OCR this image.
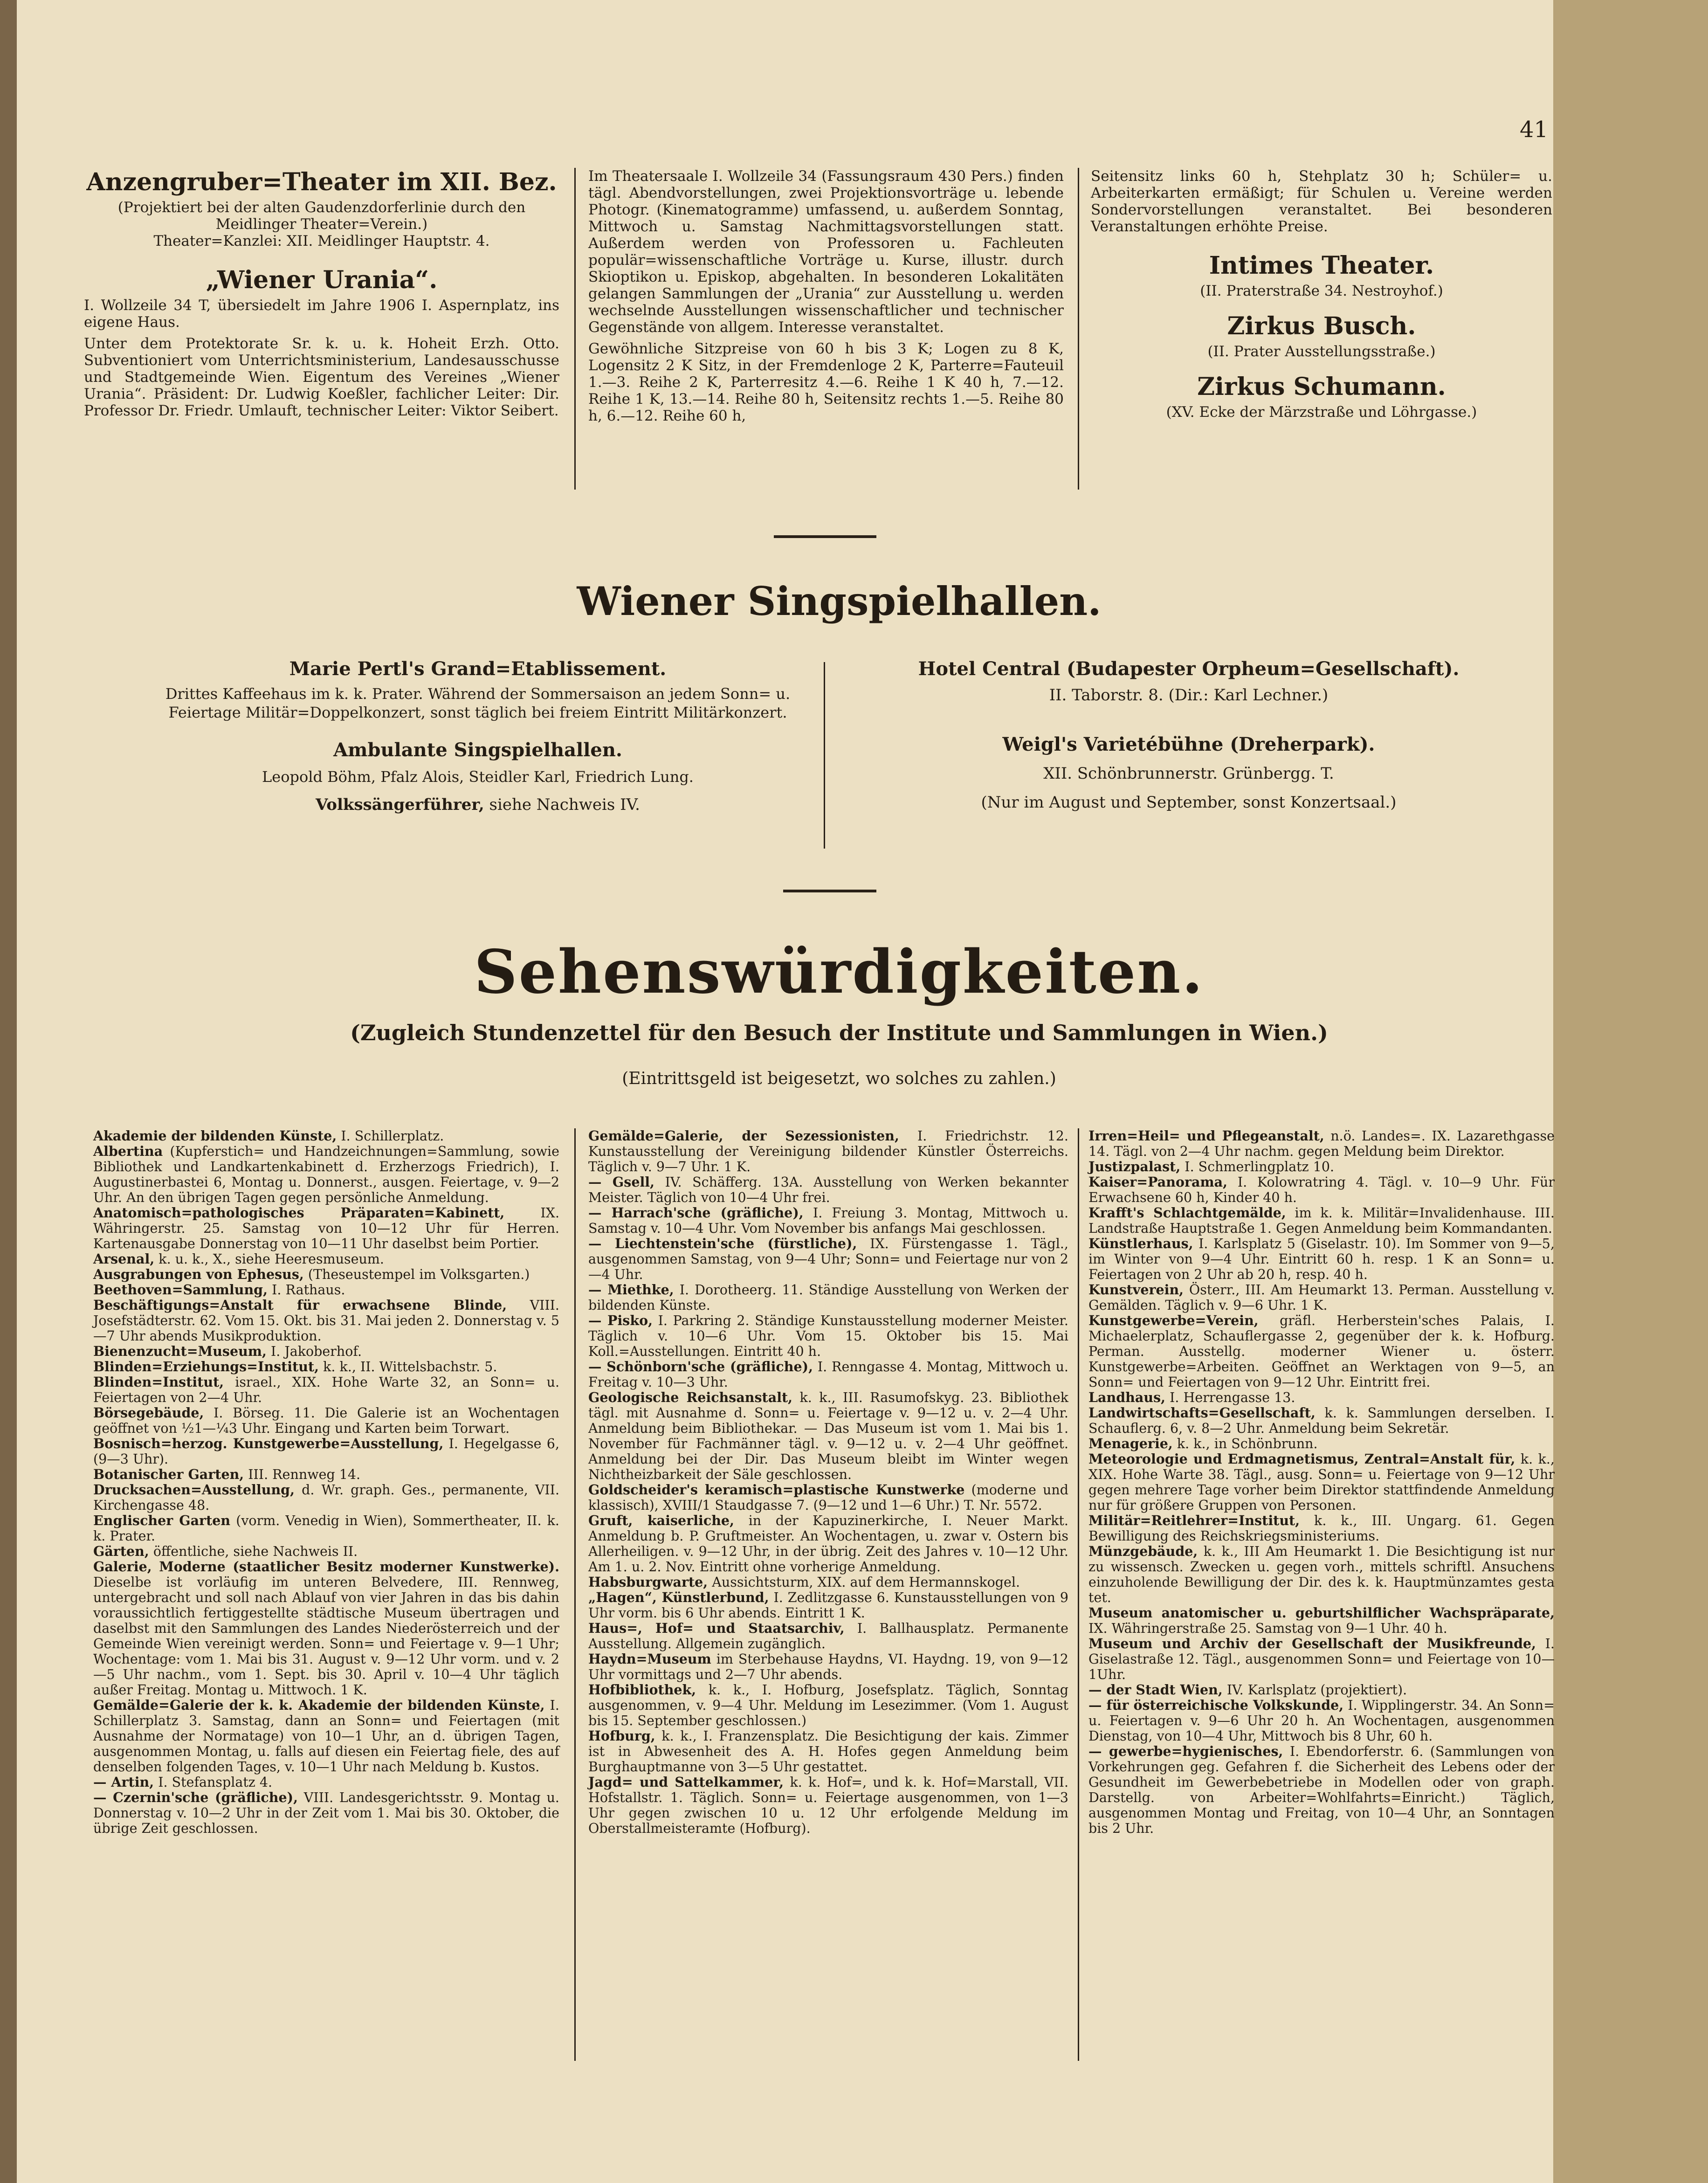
41
Anzengruber=Theater im XII. Bez.
(Projektiert bei der alten Gaudenzdorferlinie durch den
Meidlinger Theater=Verein.)
Theater=Kanzlei: XII. Meidlinger Hauptstr. 4.
„Wiener Urania“.
I. Wollzeile 34 T, übersiedelt im Jahre 1906 I. Aspernplatz, ins eigene Haus.
Unter dem Protektorate Sr. k. u. k. Hoheit Erzh. Otto. Subventioniert vom Unterrichtsministerium, Landesausschusse und Stadtgemeinde Wien. Eigentum des Vereines „Wiener Urania“. Präsident: Dr. Ludwig Koeßler, fachlicher Leiter: Dir. Professor Dr. Friedr. Umlauft, technischer Leiter: Viktor Seibert.
Im Theatersaale I. Wollzeile 34 (Fassungsraum 430 Pers.) finden tägl. Abendvorstellungen, zwei Projektionsvorträge u. lebende Photogr. (Kinematogramme) umfassend, u. außerdem Sonntag, Mittwoch u. Samstag Nachmittagsvorstellungen statt. Außerdem werden von Professoren u. Fachleuten populär=wissenschaftliche Vorträge u. Kurse, illustr. durch Skioptikon u. Episkop, abgehalten. In besonderen Lokalitäten gelangen Sammlungen der „Urania“ zur Ausstellung u. werden wechselnde Ausstellungen wissenschaftlicher und technischer Gegenstände von allgem. Interesse veranstaltet.
Gewöhnliche Sitzpreise von 60 h bis 3 K; Logen zu 8 K, Logensitz 2 K Sitz, in der Fremdenloge 2 K, Parterre=Fauteuil 1.—3. Reihe 2 K, Parterresitz 4.—6. Reihe 1 K 40 h, 7.—12. Reihe 1 K, 13.—14. Reihe 80 h, Seitensitz rechts 1.—5. Reihe 80 h, 6.—12. Reihe 60 h,
Seitensitz links 60 h, Stehplatz 30 h; Schüler= u. Arbeiterkarten ermäßigt; für Schulen u. Vereine werden Sondervorstellungen veranstaltet. Bei besonderen Veranstaltungen erhöhte Preise.
Intimes Theater.
(II. Praterstraße 34. Nestroyhof.)
Zirkus Busch.
(II. Prater Ausstellungsstraße.)
Zirkus Schumann.
(XV. Ecke der Märzstraße und Löhrgasse.)
Wiener Singspielhallen.
Marie Pertl's Grand=Etablissement.
Drittes Kaffeehaus im k. k. Prater. Während der Sommersaison an jedem Sonn= u. Feiertage Militär=Doppelkonzert, sonst täglich bei freiem Eintritt Militärkonzert.
Ambulante Singspielhallen.
Leopold Böhm, Pfalz Alois, Steidler Karl, Friedrich Lung.
Volkssängerführer, siehe Nachweis IV.
Hotel Central (Budapester Orpheum=Gesellschaft).
II. Taborstr. 8. (Dir.: Karl Lechner.)
Weigl's Varietébühne (Dreherpark).
XII. Schönbrunnerstr. Grünbergg. T.
(Nur im August und September, sonst Konzertsaal.)
Sehenswürdigkeiten.
(Zugleich Stundenzettel für den Besuch der Institute und Sammlungen in Wien.)
(Eintrittsgeld ist beigesetzt, wo solches zu zahlen.)

Akademie der bildenden Künste, I. Schillerplatz.

Albertina (Kupferstich= und Handzeichnungen=Sammlung, sowie Bibliothek und Landkartenkabinett d. Erzherzogs Friedrich), I. Augustinerbastei 6, Montag u. Donnerst., ausgen. Feiertage, v. 9—2 Uhr. An den übrigen Tagen gegen persönliche Anmeldung.

Anatomisch=pathologisches Präparaten=Kabinett, IX. Währingerstr. 25. Samstag von 10—12 Uhr für Herren. Kartenausgabe Donnerstag von 10—11 Uhr daselbst beim Portier.

Arsenal, k. u. k., X., siehe Heeresmuseum.

Ausgrabungen von Ephesus, (Theseustempel im Volksgarten.)

Beethoven=Sammlung, I. Rathaus.

Beschäftigungs=Anstalt für erwachsene Blinde, VIII. Josefstädterstr. 62. Vom 15. Okt. bis 31. Mai jeden 2. Donnerstag v. 5—7 Uhr abends Musikproduktion.

Bienenzucht=Museum, I. Jakoberhof.

Blinden=Erziehungs=Institut, k. k., II. Wittelsbachstr. 5.

Blinden=Institut, israel., XIX. Hohe Warte 32, an Sonn= u. Feiertagen von 2—4 Uhr.

Börsegebäude, I. Börseg. 11. Die Galerie ist an Wochentagen geöffnet von ½1—¼3 Uhr. Eingang und Karten beim Torwart.

Bosnisch=herzog. Kunstgewerbe=Ausstellung, I. Hegelgasse 6, (9—3 Uhr).

Botanischer Garten, III. Rennweg 14.

Drucksachen=Ausstellung, d. Wr. graph. Ges., permanente, VII. Kirchengasse 48.

Englischer Garten (vorm. Venedig in Wien), Sommertheater, II. k. k. Prater.

Gärten, öffentliche, siehe Nachweis II.

Galerie, Moderne (staatlicher Besitz moderner Kunstwerke). Dieselbe ist vorläufig im unteren Belvedere, III. Rennweg, untergebracht und soll nach Ablauf von vier Jahren in das bis dahin voraussichtlich fertiggestellte städtische Museum übertragen und daselbst mit den Sammlungen des Landes Niederösterreich und der Gemeinde Wien vereinigt werden. Sonn= und Feiertage v. 9—1 Uhr; Wochentage: vom 1. Mai bis 31. August v. 9—12 Uhr vorm. und v. 2—5 Uhr nachm., vom 1. Sept. bis 30. April v. 10—4 Uhr täglich außer Freitag. Montag u. Mittwoch. 1 K.

Gemälde=Galerie der k. k. Akademie der bildenden Künste, I. Schillerplatz 3. Samstag, dann an Sonn= und Feiertagen (mit Ausnahme der Normatage) von 10—1 Uhr, an d. übrigen Tagen, ausgenommen Montag, u. falls auf diesen ein Feiertag fiele, des auf denselben folgenden Tages, v. 10—1 Uhr nach Meldung b. Kustos.

— Artin, I. Stefansplatz 4.

— Czernin'sche (gräfliche), VIII. Landesgerichtsstr. 9. Montag u. Donnerstag v. 10—2 Uhr in der Zeit vom 1. Mai bis 30. Oktober, die übrige Zeit geschlossen.

Gemälde=Galerie, der Sezessionisten, I. Friedrichstr. 12. Kunstausstellung der Vereinigung bildender Künstler Österreichs. Täglich v. 9—7 Uhr. 1 K.

— Gsell, IV. Schäfferg. 13A. Ausstellung von Werken bekannter Meister. Täglich von 10—4 Uhr frei.

— Harrach'sche (gräfliche), I. Freiung 3. Montag, Mittwoch u. Samstag v. 10—4 Uhr. Vom November bis anfangs Mai geschlossen.

— Liechtenstein'sche (fürstliche), IX. Fürstengasse 1. Tägl., ausgenommen Samstag, von 9—4 Uhr; Sonn= und Feiertage nur von 2—4 Uhr.

— Miethke, I. Dorotheerg. 11. Ständige Ausstellung von Werken der bildenden Künste.

— Pisko, I. Parkring 2. Ständige Kunstausstellung moderner Meister. Täglich v. 10—6 Uhr. Vom 15. Oktober bis 15. Mai Koll.=Ausstellungen. Eintritt 40 h.

— Schönborn'sche (gräfliche), I. Renngasse 4. Montag, Mittwoch u. Freitag v. 10—3 Uhr.

Geologische Reichsanstalt, k. k., III. Rasumofskyg. 23. Bibliothek tägl. mit Ausnahme d. Sonn= u. Feiertage v. 9—12 u. v. 2—4 Uhr. Anmeldung beim Bibliothekar. — Das Museum ist vom 1. Mai bis 1. November für Fachmänner tägl. v. 9—12 u. v. 2—4 Uhr geöffnet. Anmeldung bei der Dir. Das Museum bleibt im Winter wegen Nichtheizbarkeit der Säle geschlossen.

Goldscheider's keramisch=plastische Kunstwerke (moderne und klassisch), XVIII/1 Staudgasse 7. (9—12 und 1—6 Uhr.) T. Nr. 5572.

Gruft, kaiserliche, in der Kapuzinerkirche, I. Neuer Markt. Anmeldung b. P. Gruftmeister. An Wochentagen, u. zwar v. Ostern bis Allerheiligen. v. 9—12 Uhr, in der übrig. Zeit des Jahres v. 10—12 Uhr. Am 1. u. 2. Nov. Eintritt ohne vorherige Anmeldung.

Habsburgwarte, Aussichtsturm, XIX. auf dem Hermannskogel.

„Hagen“, Künstlerbund, I. Zedlitzgasse 6. Kunstausstellungen von 9 Uhr vorm. bis 6 Uhr abends. Eintritt 1 K.

Haus=, Hof= und Staatsarchiv, I. Ballhausplatz. Permanente Ausstellung. Allgemein zugänglich.

Haydn=Museum im Sterbehause Haydns, VI. Haydng. 19, von 9—12 Uhr vormittags und 2—7 Uhr abends.

Hofbibliothek, k. k., I. Hofburg, Josefsplatz. Täglich, Sonntag ausgenommen, v. 9—4 Uhr. Meldung im Lesezimmer. (Vom 1. August bis 15. September geschlossen.)

Hofburg, k. k., I. Franzensplatz. Die Besichtigung der kais. Zimmer ist in Abwesenheit des A. H. Hofes gegen Anmeldung beim Burghauptmanne von 3—5 Uhr gestattet.

Jagd= und Sattelkammer, k. k. Hof=, und k. k. Hof=Marstall, VII. Hofstallstr. 1. Täglich. Sonn= u. Feiertage ausgenommen, von 1—3 Uhr gegen zwischen 10 u. 12 Uhr erfolgende Meldung im Oberstallmeisteramte (Hofburg).

Irren=Heil= und Pflegeanstalt, n.ö. Landes=. IX. Lazarethgasse 14. Tägl. von 2—4 Uhr nachm. gegen Meldung beim Direktor.

Justizpalast, I. Schmerlingplatz 10.

Kaiser=Panorama, I. Kolowratring 4. Tägl. v. 10—9 Uhr. Für Erwachsene 60 h, Kinder 40 h.

Krafft's Schlachtgemälde, im k. k. Militär=Invalidenhause. III. Landstraße Hauptstraße 1. Gegen Anmeldung beim Kommandanten.

Künstlerhaus, I. Karlsplatz 5 (Giselastr. 10). Im Sommer von 9—5, im Winter von 9—4 Uhr. Eintritt 60 h. resp. 1 K an Sonn= u. Feiertagen von 2 Uhr ab 20 h, resp. 40 h.

Kunstverein, Österr., III. Am Heumarkt 13. Perman. Ausstellung v. Gemälden. Täglich v. 9—6 Uhr. 1 K.

Kunstgewerbe=Verein, gräfl. Herberstein'sches Palais, I. Michaelerplatz, Schauflergasse 2, gegenüber der k. k. Hofburg. Perman. Ausstellg. moderner Wiener u. österr. Kunstgewerbe=Arbeiten. Geöffnet an Werktagen von 9—5, an Sonn= und Feiertagen von 9—12 Uhr. Eintritt frei.

Landhaus, I. Herrengasse 13.

Landwirtschafts=Gesellschaft, k. k. Sammlungen derselben. I. Schauflerg. 6, v. 8—2 Uhr. Anmeldung beim Sekretär.

Menagerie, k. k., in Schönbrunn.

Meteorologie und Erdmagnetismus, Zentral=Anstalt für, k. k., XIX. Hohe Warte 38. Tägl., ausg. Sonn= u. Feiertage von 9—12 Uhr gegen mehrere Tage vorher beim Direktor stattfindende Anmeldung nur für größere Gruppen von Personen.

Militär=Reitlehrer=Institut, k. k., III. Ungarg. 61. Gegen Bewilligung des Reichskriegsministeriums.

Münzgebäude, k. k., III Am Heumarkt 1. Die Besichtigung ist nur zu wissensch. Zwecken u. gegen vorh., mittels schriftl. Ansuchens einzuholende Bewilligung der Dir. des k. k. Hauptmünzamtes gesta tet.

Museum anatomischer u. geburtshilflicher Wachspräparate, IX. Währingerstraße 25. Samstag von 9—1 Uhr. 40 h.

Museum und Archiv der Gesellschaft der Musikfreunde, I. Giselastraße 12. Tägl., ausgenommen Sonn= und Feiertage von 10—1Uhr.

— der Stadt Wien, IV. Karlsplatz (projektiert).

— für österreichische Volkskunde, I. Wipplingerstr. 34. An Sonn= u. Feiertagen v. 9—6 Uhr 20 h. An Wochentagen, ausgenommen Dienstag, von 10—4 Uhr, Mittwoch bis 8 Uhr, 60 h.

— gewerbe=hygienisches, I. Ebendorferstr. 6. (Sammlungen von Vorkehrungen geg. Gefahren f. die Sicherheit des Lebens oder der Gesundheit im Gewerbebetriebe in Modellen oder von graph. Darstellg. von Arbeiter=Wohlfahrts=Einricht.) Täglich, ausgenommen Montag und Freitag, von 10—4 Uhr, an Sonntagen bis 2 Uhr.
